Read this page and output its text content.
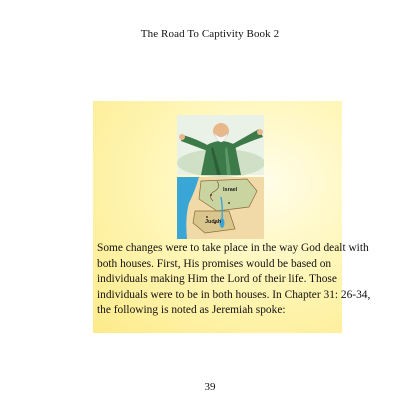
The Road To Captivity Book 2
Israel
Judah
Some changes were to take place in the way God dealt with
both houses. First, His promises would be based on
individuals making Him the Lord of their life. Those
individuals were to be in both houses. In Chapter 31: 26-34,
the following is noted as Jeremiah spoke:
39
